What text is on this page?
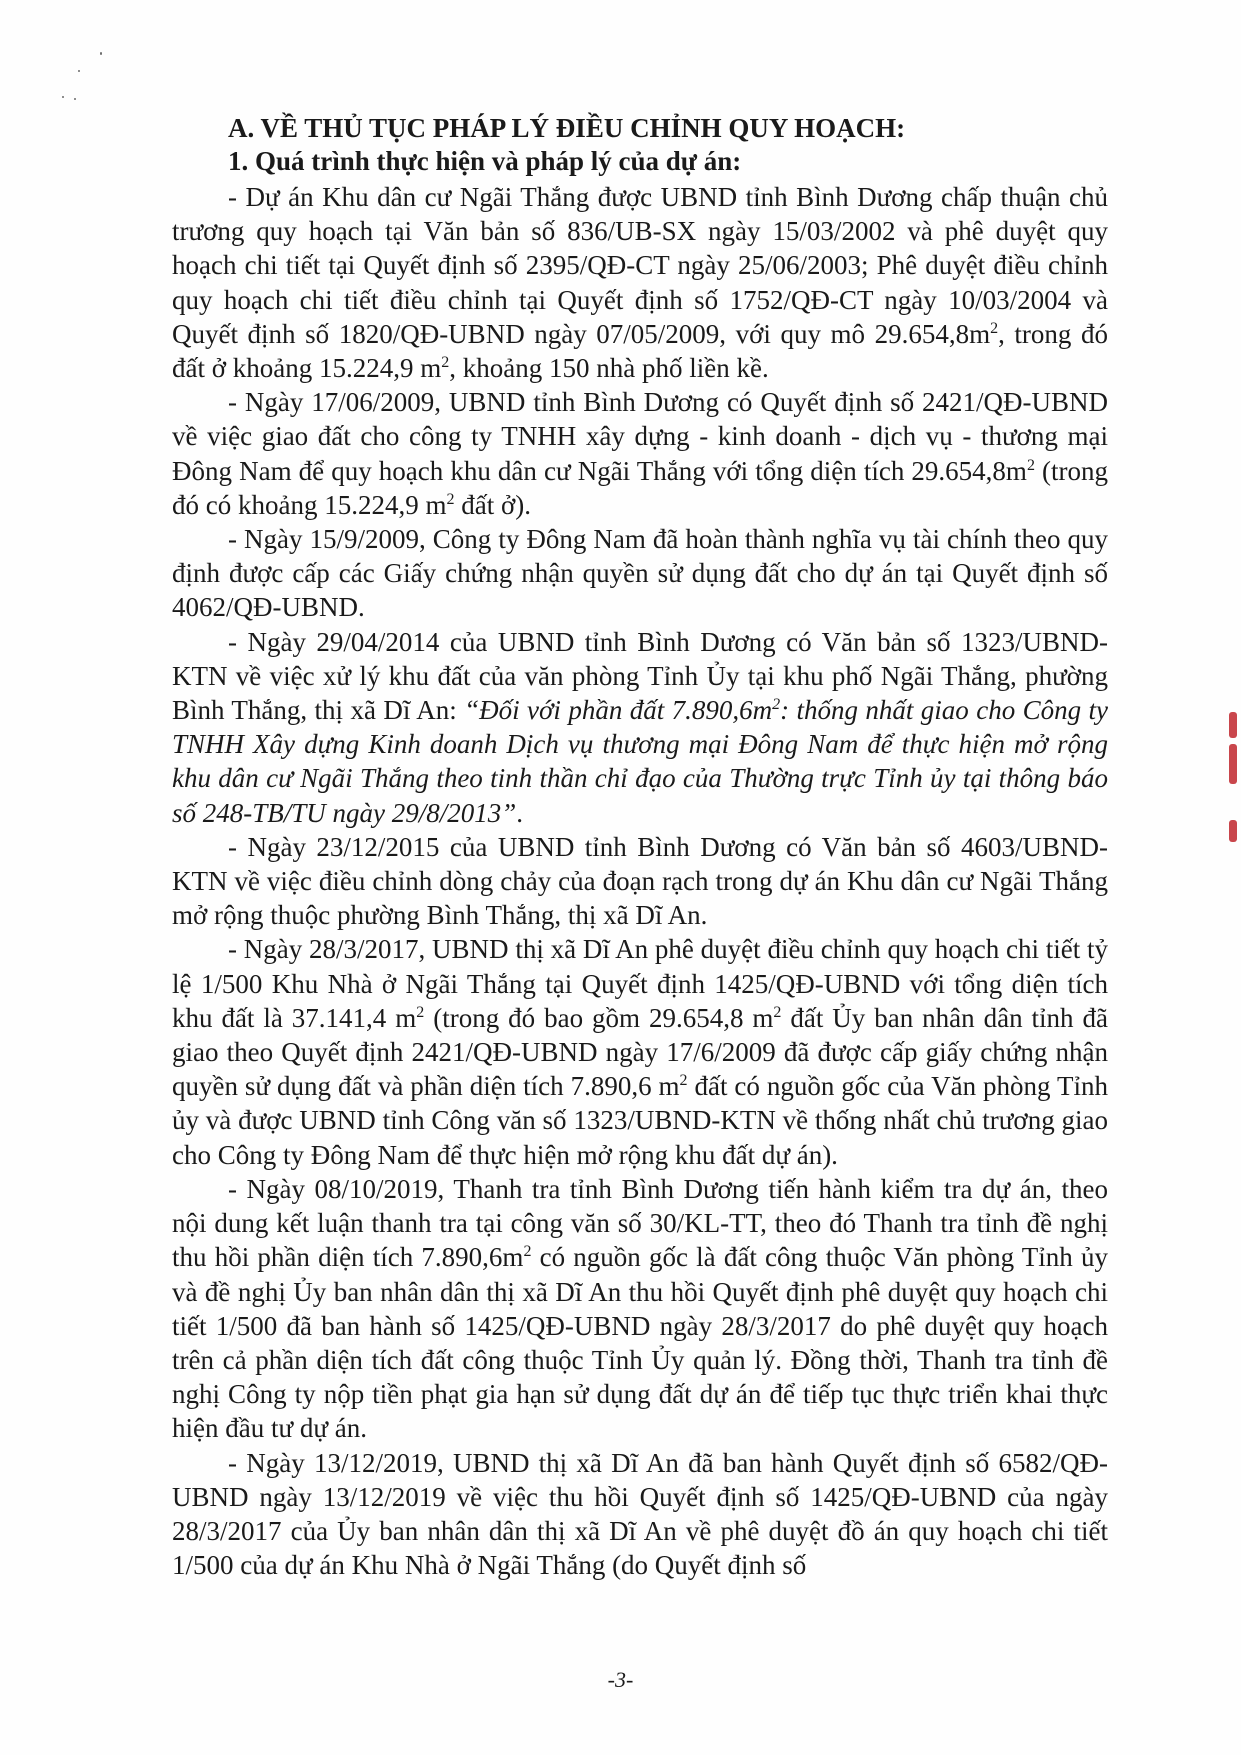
A. VỀ THỦ TỤC PHÁP LÝ ĐIỀU CHỈNH QUY HOẠCH:

1. Quá trình thực hiện và pháp lý của dự án:

- Dự án Khu dân cư Ngãi Thắng được UBND tỉnh Bình Dương chấp thuận chủ trương quy hoạch tại Văn bản số 836/UB-SX ngày 15/03/2002 và phê duyệt quy hoạch chi tiết tại Quyết định số 2395/QĐ-CT ngày 25/06/2003; Phê duyệt điều chỉnh quy hoạch chi tiết điều chỉnh tại Quyết định số 1752/QĐ-CT ngày 10/03/2004 và Quyết định số 1820/QĐ-UBND ngày 07/05/2009, với quy mô $29.654,8m^2$, trong đó đất ở khoảng 15.224,9 $m^2$, khoảng 150 nhà phố liền kề.

- Ngày 17/06/2009, UBND tỉnh Bình Dương có Quyết định số 2421/QĐ-UBND về việc giao đất cho công ty TNHH xây dựng - kinh doanh - dịch vụ - thương mại Đông Nam để quy hoạch khu dân cư Ngãi Thắng với tổng diện tích $29.654,8m^2$ (trong đó có khoảng 15.224,9 $m^2$ đất ở).

- Ngày 15/9/2009, Công ty Đông Nam đã hoàn thành nghĩa vụ tài chính theo quy định được cấp các Giấy chứng nhận quyền sử dụng đất cho dự án tại Quyết định số 4062/QĐ-UBND.

- Ngày 29/04/2014 của UBND tỉnh Bình Dương có Văn bản số 1323/UBND-KTN về việc xử lý khu đất của văn phòng Tỉnh Ủy tại khu phố Ngãi Thắng, phường Bình Thắng, thị xã Dĩ An: “Đối với phần đất $7.890,6m^2$: thống nhất giao cho Công ty TNHH Xây dựng Kinh doanh Dịch vụ thương mại Đông Nam để thực hiện mở rộng khu dân cư Ngãi Thắng theo tinh thần chỉ đạo của Thường trực Tỉnh ủy tại thông báo số 248-TB/TU ngày 29/8/2013”.

- Ngày 23/12/2015 của UBND tỉnh Bình Dương có Văn bản số 4603/UBND-KTN về việc điều chỉnh dòng chảy của đoạn rạch trong dự án Khu dân cư Ngãi Thắng mở rộng thuộc phường Bình Thắng, thị xã Dĩ An.

- Ngày 28/3/2017, UBND thị xã Dĩ An phê duyệt điều chỉnh quy hoạch chi tiết tỷ lệ 1/500 Khu Nhà ở Ngãi Thắng tại Quyết định 1425/QĐ-UBND với tổng diện tích khu đất là 37.141,4 $m^2$ (trong đó bao gồm 29.654,8 $m^2$ đất Ủy ban nhân dân tỉnh đã giao theo Quyết định 2421/QĐ-UBND ngày 17/6/2009 đã được cấp giấy chứng nhận quyền sử dụng đất và phần diện tích 7.890,6 $m^2$ đất có nguồn gốc của Văn phòng Tỉnh ủy và được UBND tỉnh Công văn số 1323/UBND-KTN về thống nhất chủ trương giao cho Công ty Đông Nam để thực hiện mở rộng khu đất dự án).

- Ngày 08/10/2019, Thanh tra tỉnh Bình Dương tiến hành kiểm tra dự án, theo nội dung kết luận thanh tra tại công văn số 30/KL-TT, theo đó Thanh tra tỉnh đề nghị thu hồi phần diện tích $7.890,6m^2$ có nguồn gốc là đất công thuộc Văn phòng Tỉnh ủy và đề nghị Ủy ban nhân dân thị xã Dĩ An thu hồi Quyết định phê duyệt quy hoạch chi tiết 1/500 đã ban hành số 1425/QĐ-UBND ngày 28/3/2017 do phê duyệt quy hoạch trên cả phần diện tích đất công thuộc Tỉnh Ủy quản lý. Đồng thời, Thanh tra tỉnh đề nghị Công ty nộp tiền phạt gia hạn sử dụng đất dự án để tiếp tục thực triển khai thực hiện đầu tư dự án.

- Ngày 13/12/2019, UBND thị xã Dĩ An đã ban hành Quyết định số 6582/QĐ-UBND ngày 13/12/2019 về việc thu hồi Quyết định số 1425/QĐ-UBND của ngày 28/3/2017 của Ủy ban nhân dân thị xã Dĩ An về phê duyệt đồ án quy hoạch chi tiết 1/500 của dự án Khu Nhà ở Ngãi Thắng (do Quyết định số

-3-
